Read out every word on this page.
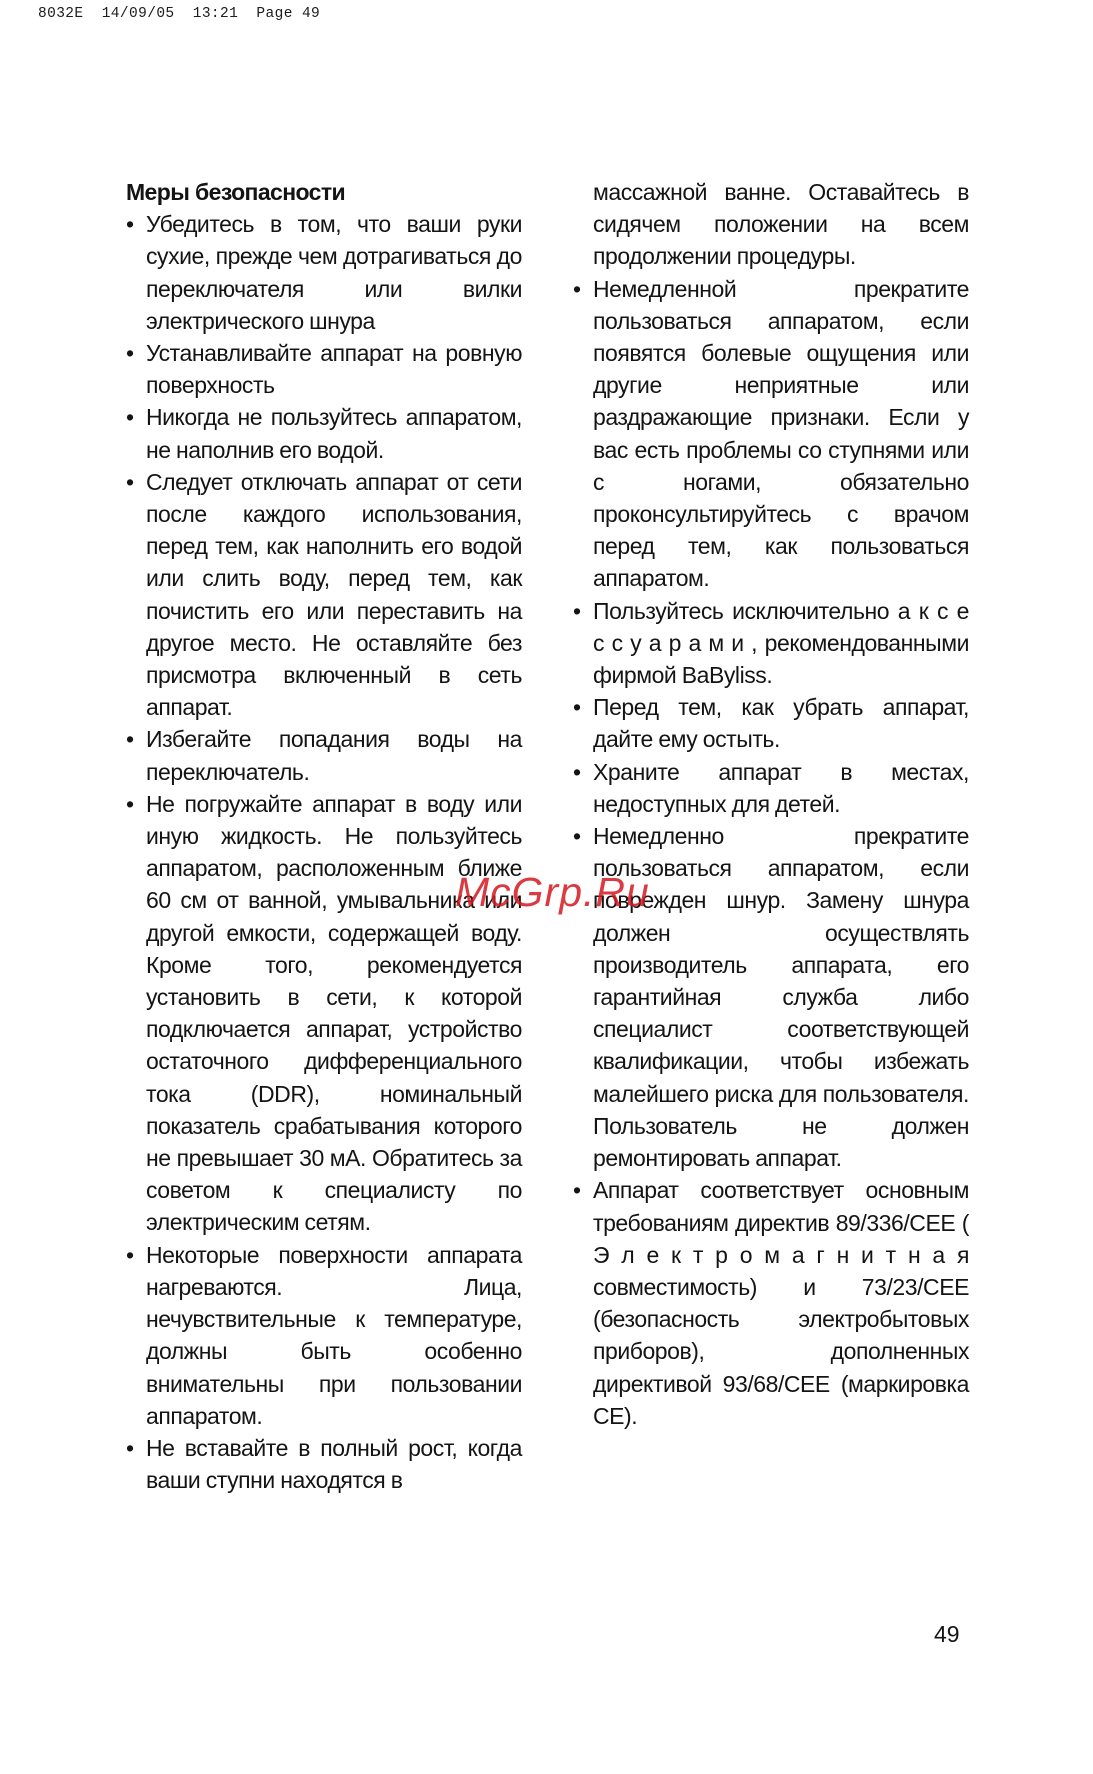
8032E  14/09/05  13:21  Page 49
Меры безопасности
• Убедитесь в том, что ваши руки сухие, прежде чем дотрагиваться до переключателя или вилки электрического шнура
• Устанавливайте аппарат на ровную поверхность
• Никогда не пользуйтесь аппаратом, не наполнив его водой.
• Следует отключать аппарат от сети после каждого использования, перед тем, как наполнить его водой или слить воду, перед тем, как почистить его или переставить на другое место. Не оставляйте без присмотра включенный в сеть аппарат.
• Избегайте попадания воды на переключатель.
• Не погружайте аппарат в воду или иную жидкость. Не пользуйтесь аппаратом, расположенным ближе 60 см от ванной, умывальника или другой емкости, содержащей воду. Кроме того, рекомендуется установить в сети, к которой подключается аппарат, устройство остаточного дифференциального тока (DDR), номинальный показатель срабатывания которого не превышает 30 мА. Обратитесь за советом к специалисту по электрическим сетям.
• Некоторые поверхности аппарата нагреваются. Лица, нечувствительные к температуре, должны быть особенно внимательны при пользовании аппаратом.
• Не вставайте в полный рост, когда ваши ступни находятся в
массажной ванне. Оставайтесь в сидячем положении на всем продолжении процедуры.
• Немедленной прекратите пользоваться аппаратом, если появятся болевые ощущения или другие неприятные или раздражающие признаки. Если у вас есть проблемы со ступнями или с ногами, обязательно проконсультируйтесь с врачом перед тем, как пользоваться аппаратом.
• Пользуйтесь исключительно а к с е с с у а р а м и , рекомендованными фирмой BaByliss.
• Перед тем, как убрать аппарат, дайте ему остыть.
• Храните аппарат в местах, недоступных для детей.
• Немедленно прекратите пользоваться аппаратом, если поврежден шнур. Замену шнура должен осуществлять производитель аппарата, его гарантийная служба либо специалист соответствующей квалификации, чтобы избежать малейшего риска для пользователя. Пользователь не должен ремонтировать аппарат.
• Аппарат соответствует основным требованиям директив 89/336/CEE ( Э л е к т р о м а г н и т н а я совместимость) и 73/23/CEE (безопасность электробытовых приборов), дополненных директивой 93/68/CEE (маркировка CE).
McGrp.Ru
49
